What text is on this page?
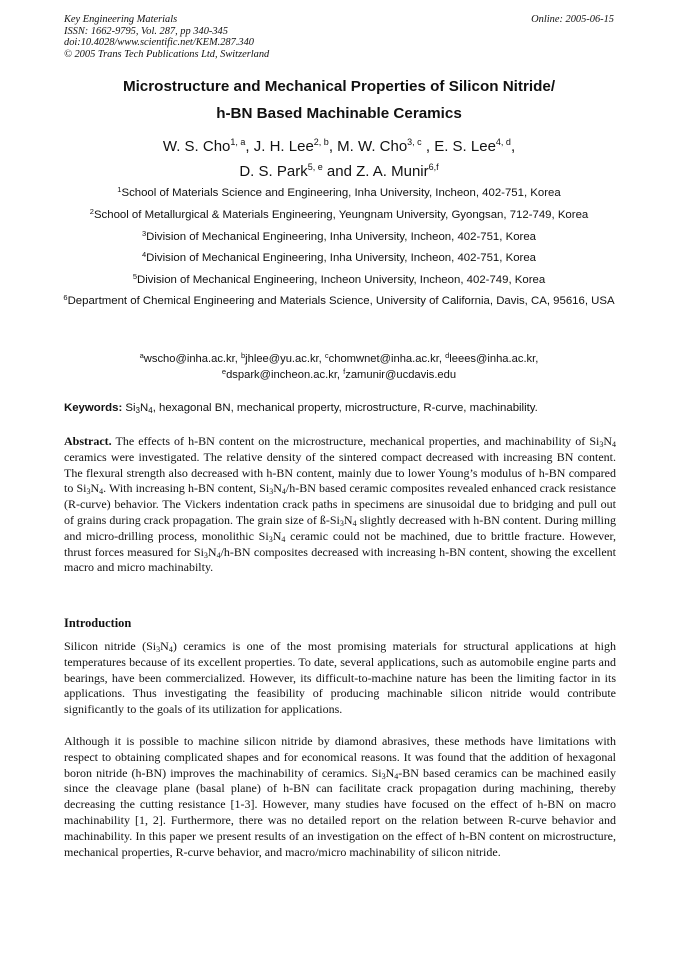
Key Engineering Materials
ISSN: 1662-9795, Vol. 287, pp 340-345
doi:10.4028/www.scientific.net/KEM.287.340
© 2005 Trans Tech Publications Ltd, Switzerland
Online: 2005-06-15
Microstructure and Mechanical Properties of Silicon Nitride/
h-BN Based Machinable Ceramics
W. S. Cho$^{1, a}$, J. H. Lee$^{2, b}$, M. W. Cho$^{3, c}$ , E. S. Lee$^{4, d}$,
D. S. Park$^{5, e}$ and Z. A. Munir$^{6,f}$
$^1$School of Materials Science and Engineering, Inha University, Incheon, 402-751, Korea
$^2$School of Metallurgical & Materials Engineering, Yeungnam University, Gyongsan, 712-749, Korea
$^3$Division of Mechanical Engineering, Inha University, Incheon, 402-751, Korea
$^4$Division of Mechanical Engineering, Inha University, Incheon, 402-751, Korea
$^5$Division of Mechanical Engineering, Incheon University, Incheon, 402-749, Korea
$^6$Department of Chemical Engineering and Materials Science, University of California, Davis, CA, 95616, USA
$^a$wscho@inha.ac.kr, $^b$jhlee@yu.ac.kr, $^c$chomwnet@inha.ac.kr, $^d$leees@inha.ac.kr,
$^e$dspark@incheon.ac.kr, $^f$zamunir@ucdavis.edu
Keywords: $Si_3N_4$, hexagonal BN, mechanical property, microstructure, R-curve, machinability.
Abstract. The effects of h-BN content on the microstructure, mechanical properties, and machinability of $Si_3N_4$ ceramics were investigated. The relative density of the sintered compact decreased with increasing BN content. The flexural strength also decreased with h-BN content, mainly due to lower Young’s modulus of h-BN compared to $Si_3N_4$. With increasing h-BN content, $Si_3N_4/h-BN$ based ceramic composites revealed enhanced crack resistance (R-curve) behavior. The Vickers indentation crack paths in specimens are sinusoidal due to bridging and pull out of grains during crack propagation. The grain size of $ß-Si_3N_4$ slightly decreased with h-BN content. During milling and micro-drilling process, monolithic $Si_3N_4$ ceramic could not be machined, due to brittle fracture. However, thrust forces measured for $Si_3N_4/h-BN$ composites decreased with increasing h-BN content, showing the excellent macro and micro machinabilty.
Introduction
Silicon nitride $(Si_3N_4)$ ceramics is one of the most promising materials for structural applications at high temperatures because of its excellent properties. To date, several applications, such as automobile engine parts and bearings, have been commercialized. However, its difficult-to-machine nature has been the limiting factor in its applications. Thus investigating the feasibility of producing machinable silicon nitride would contribute significantly to the goals of its utilization for applications.
Although it is possible to machine silicon nitride by diamond abrasives, these methods have limitations with respect to obtaining complicated shapes and for economical reasons. It was found that the addition of hexagonal boron nitride (h-BN) improves the machinability of ceramics. $Si_3N_4-BN$ based ceramics can be machined easily since the cleavage plane (basal plane) of h-BN can facilitate crack propagation during machining, thereby decreasing the cutting resistance [1-3]. However, many studies have focused on the effect of h-BN on macro machinability [1, 2]. Furthermore, there was no detailed report on the relation between R-curve behavior and machinability. In this paper we present results of an investigation on the effect of h-BN content on microstructure, mechanical properties, R-curve behavior, and macro/micro machinability of silicon nitride.
